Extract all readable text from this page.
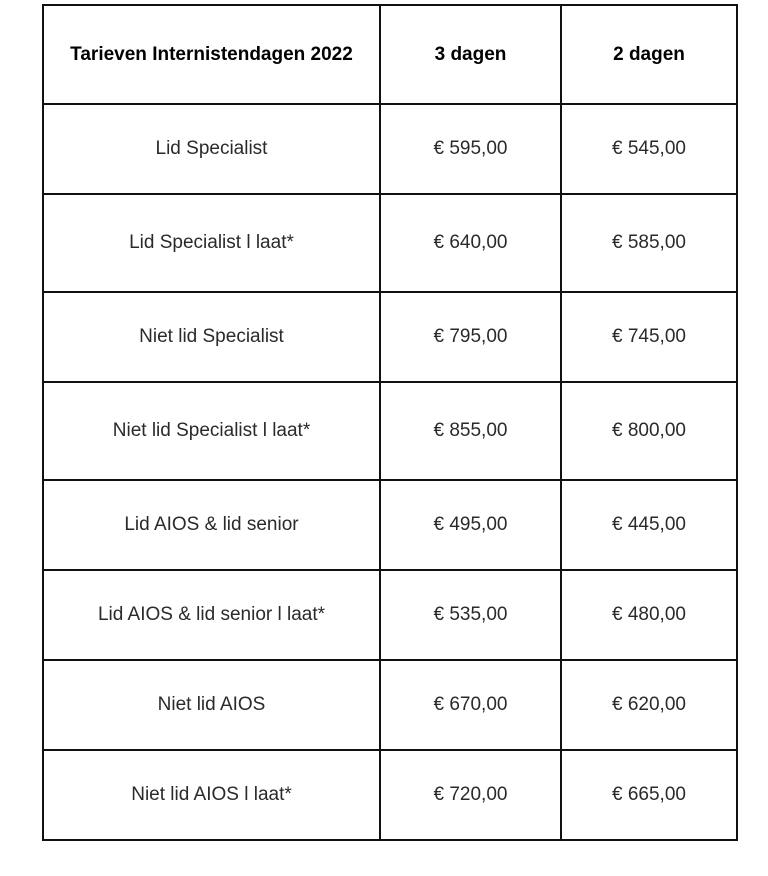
Tarieven Internistendagen 2022	3 dagen	2 dagen
Lid Specialist	€ 595,00	€ 545,00
Lid Specialist l laat*	€ 640,00	€ 585,00
Niet lid Specialist	€ 795,00	€ 745,00
Niet lid Specialist l laat*	€ 855,00	€ 800,00
Lid AIOS & lid senior	€ 495,00	€ 445,00
Lid AIOS & lid senior l laat*	€ 535,00	€ 480,00
Niet lid AIOS	€ 670,00	€ 620,00
Niet lid AIOS l laat*	€ 720,00	€ 665,00
